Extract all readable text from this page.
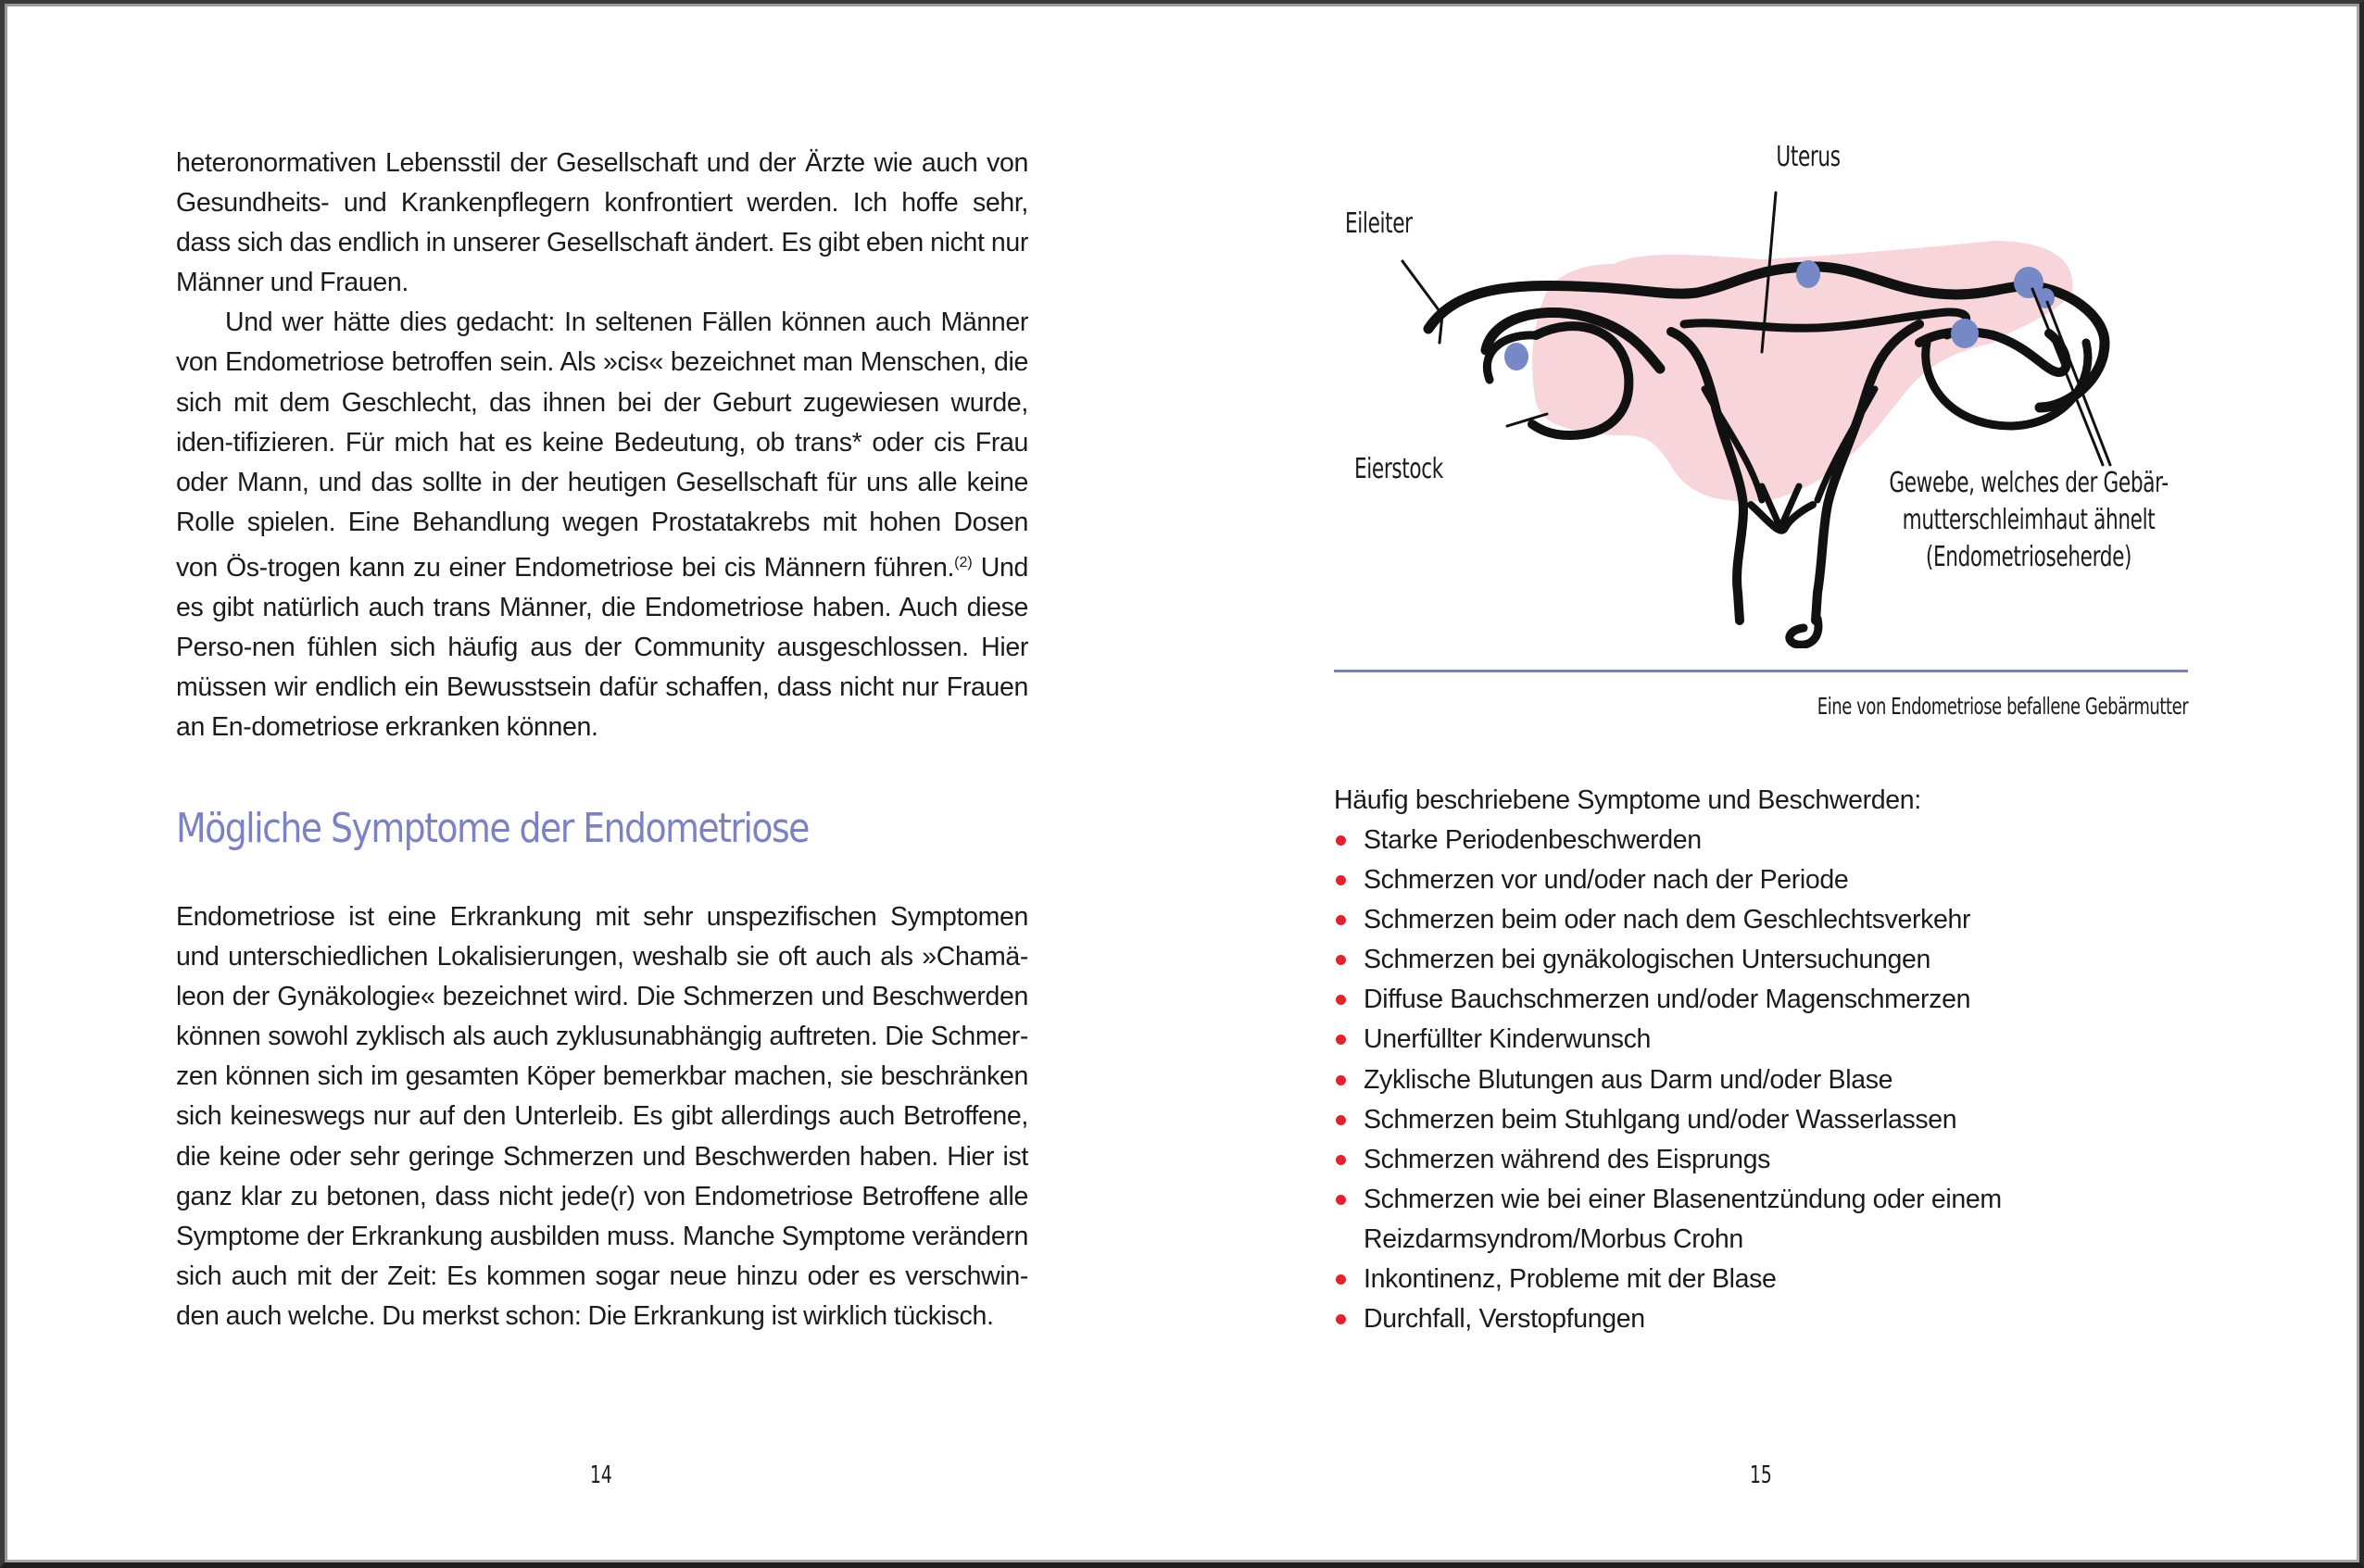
heteronormativen Lebensstil der Gesellschaft und der Ärzte wie auch von Gesundheits- und Krankenpflegern konfrontiert werden. Ich hoffe sehr, dass sich das endlich in unserer Gesellschaft ändert. Es gibt eben nicht nur Männer und Frauen.

Und wer hätte dies gedacht: In seltenen Fällen können auch Männer von Endometriose betroffen sein. Als »cis« bezeichnet man Menschen, die sich mit dem Geschlecht, das ihnen bei der Geburt zugewiesen wurde, iden-tifizieren. Für mich hat es keine Bedeutung, ob trans* oder cis Frau oder Mann, und das sollte in der heutigen Gesellschaft für uns alle keine Rolle spielen. Eine Behandlung wegen Prostatakrebs mit hohen Dosen von Ös-trogen kann zu einer Endometriose bei cis Männern führen.$^{(2)}$ Und es gibt natürlich auch trans Männer, die Endometriose haben. Auch diese Perso-nen fühlen sich häufig aus der Community ausgeschlossen. Hier müssen wir endlich ein Bewusstsein dafür schaffen, dass nicht nur Frauen an En-dometriose erkranken können.

Mögliche Symptome der Endometriose

Endometriose ist eine Erkrankung mit sehr unspezifischen Symptomen und unterschiedlichen Lokalisierungen, weshalb sie oft auch als »Chamä-leon der Gynäkologie« bezeichnet wird. Die Schmerzen und Beschwerden können sowohl zyklisch als auch zyklusunabhängig auftreten. Die Schmer-zen können sich im gesamten Köper bemerkbar machen, sie beschränken sich keineswegs nur auf den Unterleib. Es gibt allerdings auch Betroffene, die keine oder sehr geringe Schmerzen und Beschwerden haben. Hier ist ganz klar zu betonen, dass nicht jede(r) von Endometriose Betroffene alle Symptome der Erkrankung ausbilden muss. Manche Symptome verändern sich auch mit der Zeit: Es kommen sogar neue hinzu oder es verschwin-den auch welche. Du merkst schon: Die Erkrankung ist wirklich tückisch.

14
Uterus
Eileiter
Eierstock	Gewebe, welches der Gebär-
mutterschleimhaut ähnelt
(Endometrioseherde)
Eine von Endometriose befallene Gebärmutter
Häufig beschriebene Symptome und Beschwerden:
Starke Periodenbeschwerden
Schmerzen vor und/oder nach der Periode
Schmerzen beim oder nach dem Geschlechtsverkehr
Schmerzen bei gynäkologischen Untersuchungen
Diffuse Bauchschmerzen und/oder Magenschmerzen
Unerfüllter Kinderwunsch
Zyklische Blutungen aus Darm und/oder Blase
Schmerzen beim Stuhlgang und/oder Wasserlassen
Schmerzen während des Eisprungs
Schmerzen wie bei einer Blasenentzündung oder einem
Reizdarmsyndrom/Morbus Crohn
Inkontinenz, Probleme mit der Blase
Durchfall, Verstopfungen
15
